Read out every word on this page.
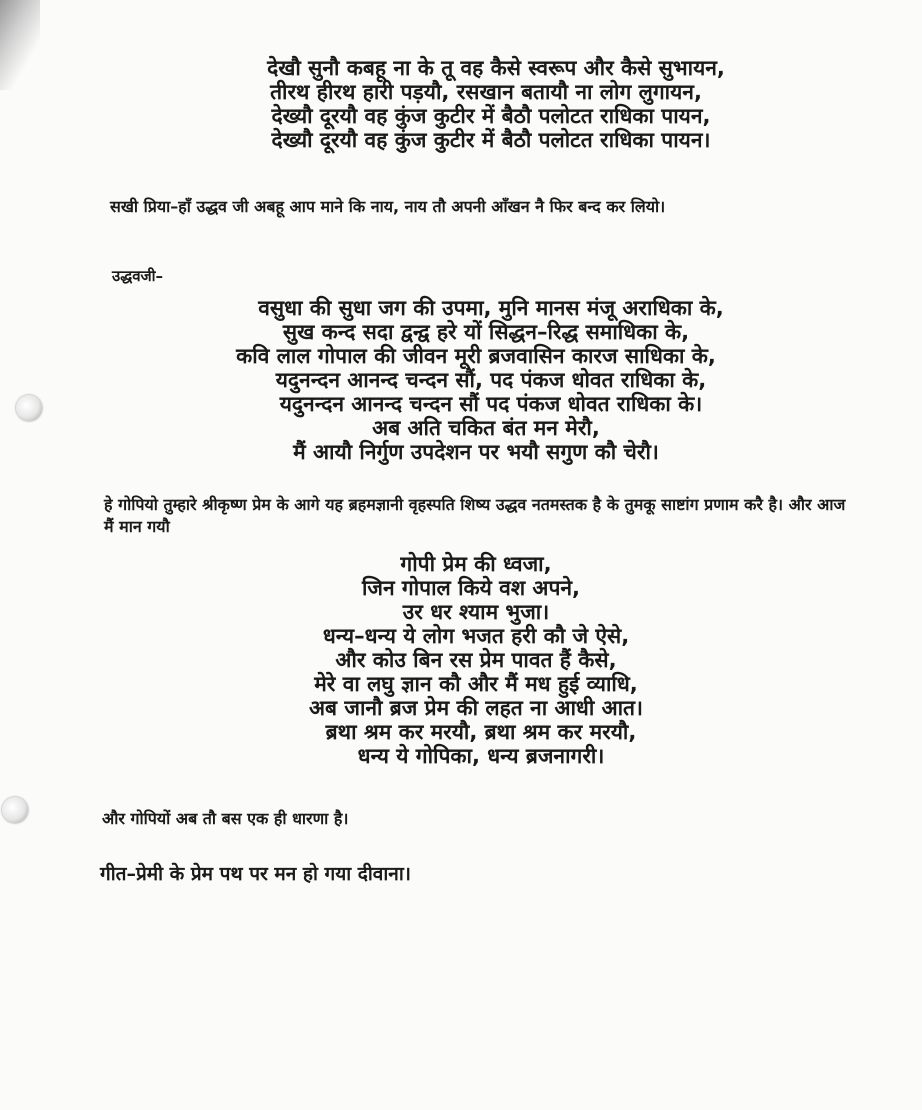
देखौ सुनौ कबहू ना के तू वह कैसे स्वरूप और कैसे सुभायन,
तीरथ हीरथ हारी पड़यौ, रसखान बतायौ ना लोग लुगायन,
देख्यौ दूरयौ वह कुंज कुटीर में बैठौ पलोटत राधिका पायन,
देख्यौ दूरयौ वह कुंज कुटीर में बैठौ पलोटत राधिका पायन।

सखी प्रिया–हाँ उद्धव जी अबहू आप माने कि नाय, नाय तौ अपनी आँखन नै फिर बन्द कर लियो।

उद्धवजी–

वसुधा की सुधा जग की उपमा, मुनि मानस मंजू अराधिका के,
सुख कन्द सदा द्वन्द्व हरे यों सिद्धन–रिद्ध समाधिका के,
कवि लाल गोपाल की जीवन मूरी ब्रजवासिन कारज साधिका के,
यदुनन्दन आनन्द चन्दन सौं, पद पंकज धोवत राधिका के,
यदुनन्दन आनन्द चन्दन सौं पद पंकज धोवत राधिका के।
अब अति चकित बंत मन मेरौ,
मैं आयौ निर्गुण उपदेशन पर भयौ सगुण कौ चेरौ।

हे गोपियो तुम्हारे श्रीकृष्ण प्रेम के आगे यह ब्रहमज्ञानी वृहस्पति शिष्य उद्धव नतमस्तक है के तुमकू साष्टांग प्रणाम करै है। और आज मैं मान गयौ

गोपी प्रेम की ध्वजा,
जिन गोपाल किये वश अपने,
उर धर श्याम भुजा।
धन्य–धन्य ये लोग भजत हरी कौ जे ऐसे,
और कोउ बिन रस प्रेम पावत हैं कैसे,
मेरे वा लघु ज्ञान कौ और मैं मध हुई व्याधि,
अब जानौ ब्रज प्रेम की लहत ना आधी आत।
ब्रथा श्रम कर मरयौ, ब्रथा श्रम कर मरयौ,
धन्य ये गोपिका, धन्य ब्रजनागरी।

और गोपियों अब तौ बस एक ही धारणा है।

गीत–प्रेमी के प्रेम पथ पर मन हो गया दीवाना।
